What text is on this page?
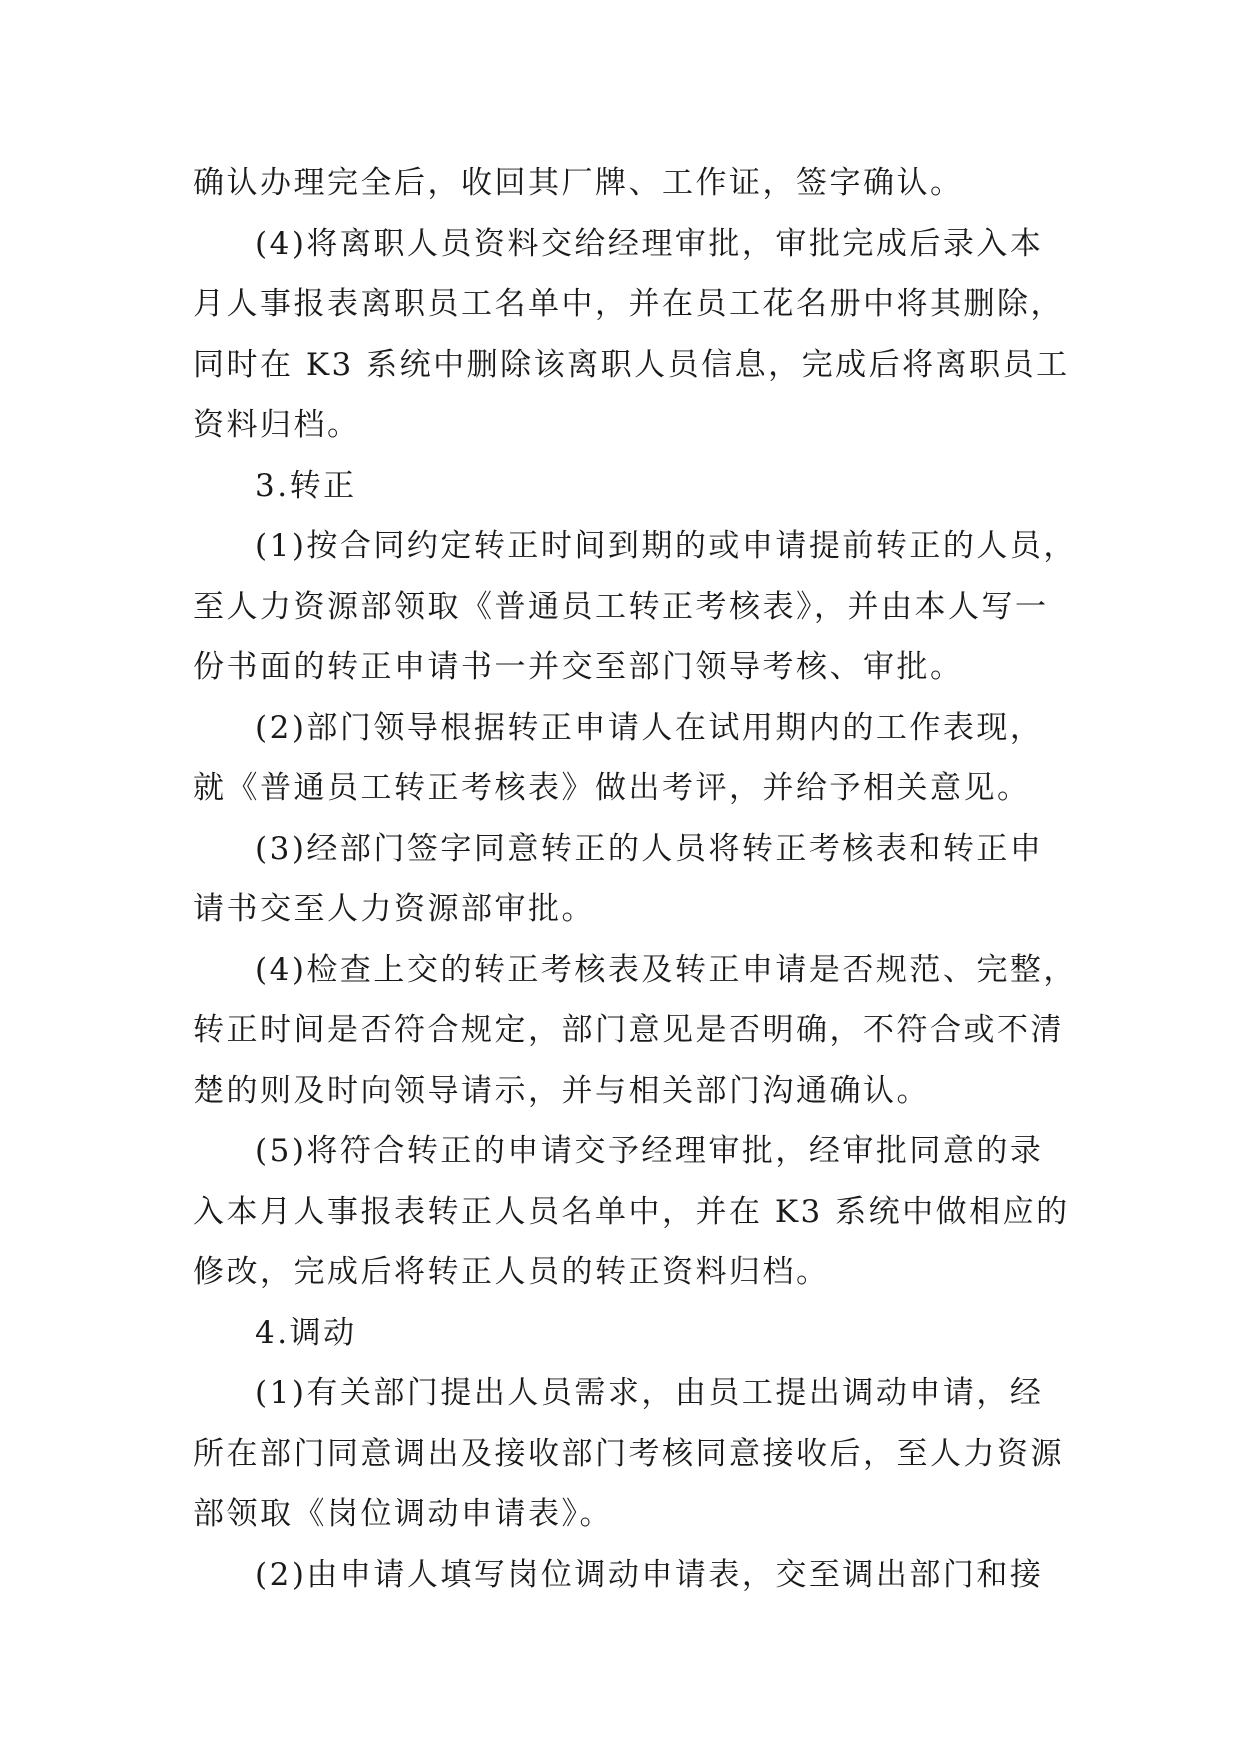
确认办理完全后，收回其厂牌、工作证，签字确认。
(4)将离职人员资料交给经理审批，审批完成后录入本
月人事报表离职员工名单中，并在员工花名册中将其删除，
同时在 K3 系统中删除该离职人员信息，完成后将离职员工
资料归档。
3.转正
(1)按合同约定转正时间到期的或申请提前转正的人员，
至人力资源部领取《普通员工转正考核表》，并由本人写一
份书面的转正申请书一并交至部门领导考核、审批。
(2)部门领导根据转正申请人在试用期内的工作表现，
就《普通员工转正考核表》做出考评，并给予相关意见。
(3)经部门签字同意转正的人员将转正考核表和转正申
请书交至人力资源部审批。
(4)检查上交的转正考核表及转正申请是否规范、完整，
转正时间是否符合规定，部门意见是否明确，不符合或不清
楚的则及时向领导请示，并与相关部门沟通确认。
(5)将符合转正的申请交予经理审批，经审批同意的录
入本月人事报表转正人员名单中，并在 K3 系统中做相应的
修改，完成后将转正人员的转正资料归档。
4.调动
(1)有关部门提出人员需求，由员工提出调动申请，经
所在部门同意调出及接收部门考核同意接收后，至人力资源
部领取《岗位调动申请表》。
(2)由申请人填写岗位调动申请表，交至调出部门和接
